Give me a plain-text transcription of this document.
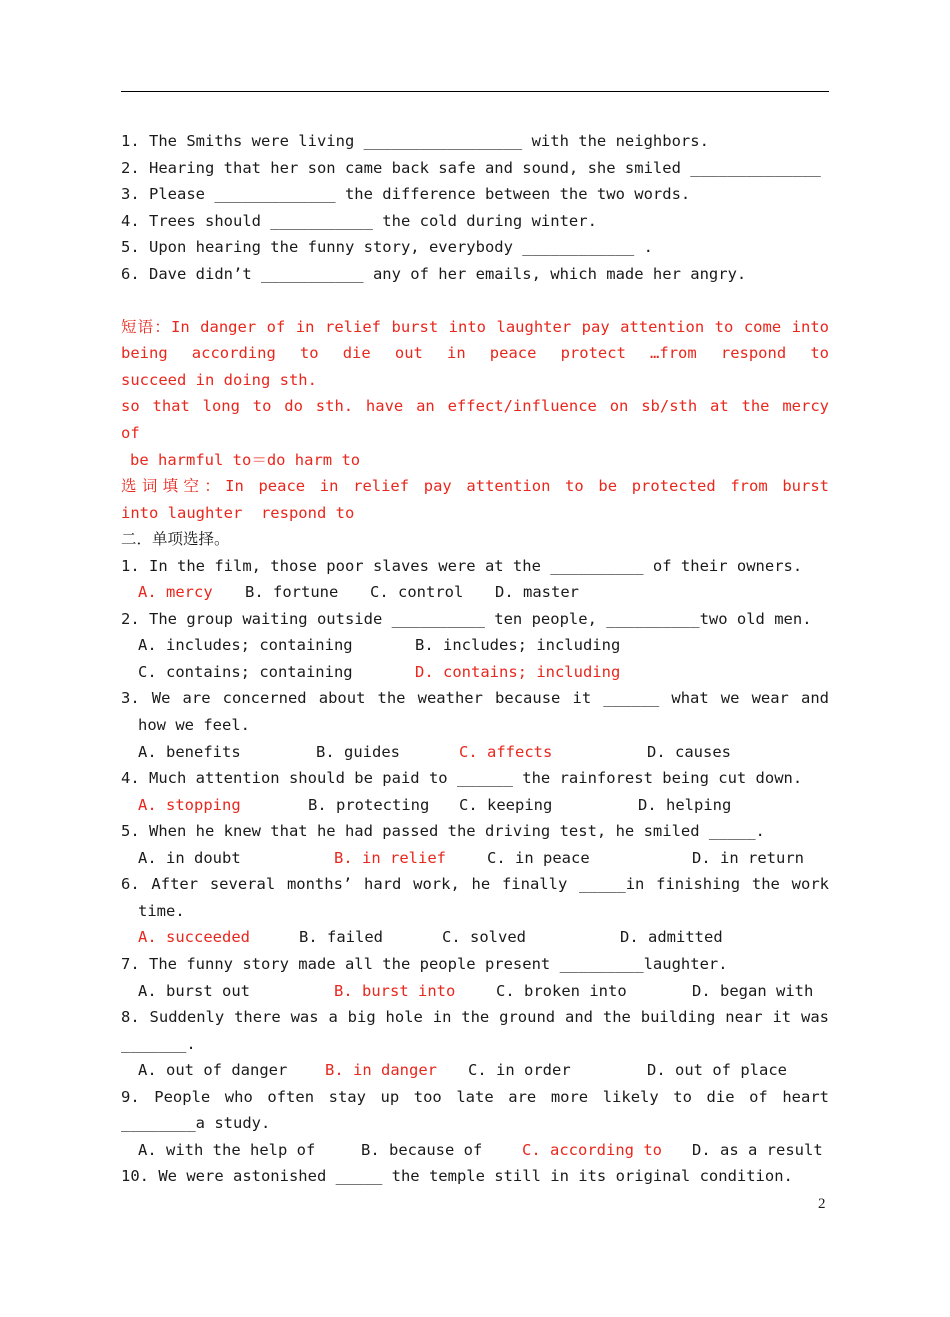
1. The Smiths were living _________________ with the neighbors.
2. Hearing that her son came back safe and sound, she smiled ______________
3. Please _____________ the difference between the two words.
4. Trees should ___________ the cold during winter.
5. Upon hearing the funny story, everybody ____________ .
6. Dave didn’t ___________ any of her emails, which made her angry.
短语：In danger of in relief burst into laughter pay attention to come into
being according to die out in peace protect …from respond to
succeed in doing sth.
so that long to do sth. have an effect/influence on sb/sth at the mercy
of
be harmful to＝do harm to
选词填空：In peace in relief pay attention to be protected from burst
into laughter  respond to
二．单项选择。
1. In the film, those poor slaves were at the __________ of their owners.
A. mercy B. fortune C. control D. master
2. The group waiting outside __________ ten people, __________two old men.
A. includes; containing	B. includes; including
C. contains; containing	D. contains; including
3. We are concerned about the weather because it ______ what we wear and
how we feel.
A. benefits	B. guides	C. affects	D. causes
4. Much attention should be paid to ______ the rainforest being cut down.
A. stopping	B. protecting C. keeping	D. helping
5. When he knew that he had passed the driving test, he smiled _____.
A. in doubt	B. in relief	C. in peace	D. in return
6. After several months’ hard work, he finally _____in finishing the work
time.
A. succeeded	B. failed	C. solved	D. admitted
7. The funny story made all the people present _________laughter.
A. burst out	B. burst into	C. broken into	D. began with
8. Suddenly there was a big hole in the ground and the building near it was
_______.
A. out of danger B. in danger C. in order	D. out of place
9. People who often stay up too late are more likely to die of heart
________a study.
A. with the help of	B. because of	C. according to D. as a result
10. We were astonished _____ the temple still in its original condition.
2
